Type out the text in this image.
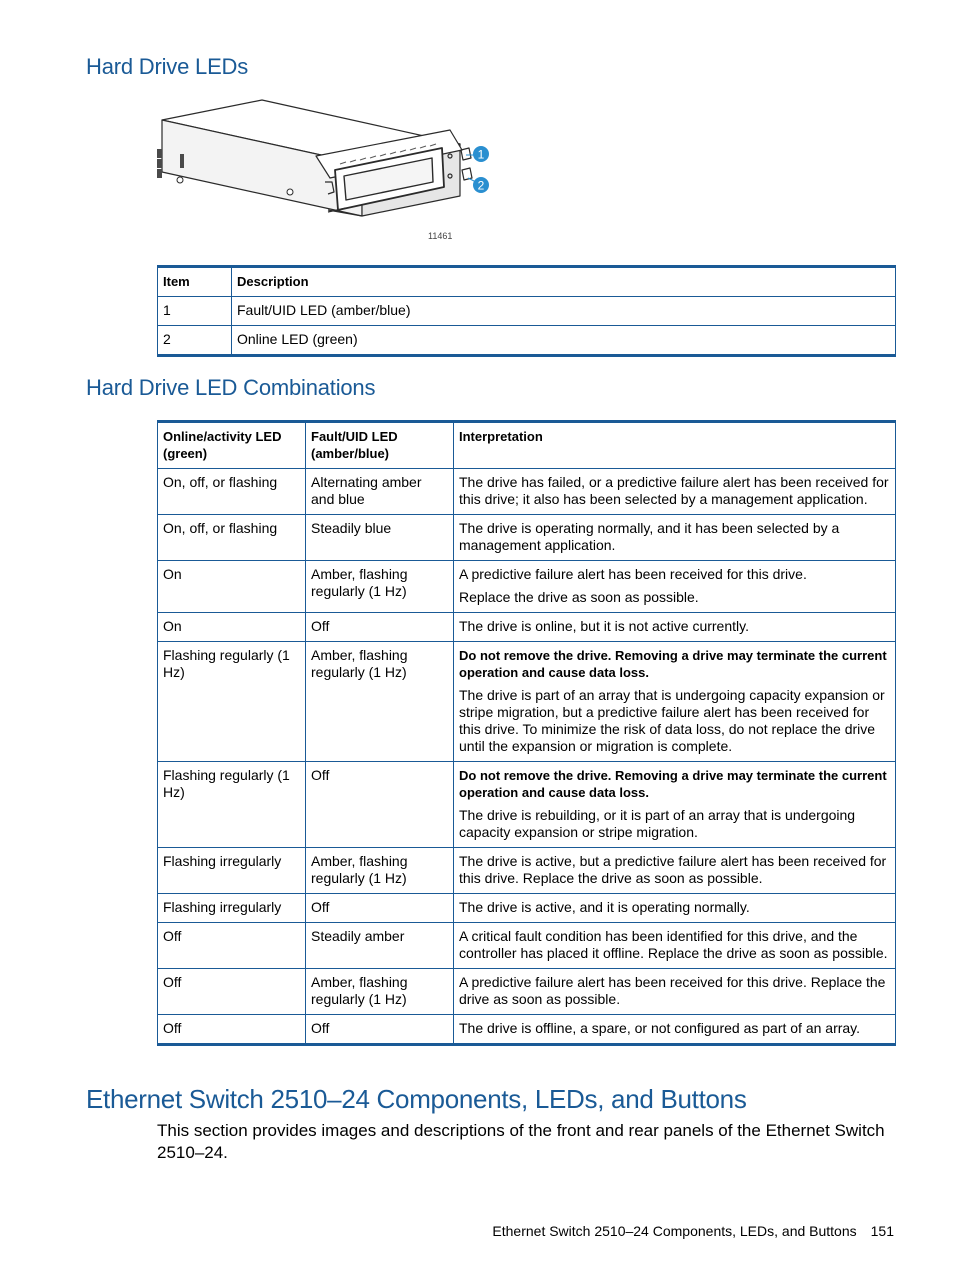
Hard Drive LEDs
1
2
11461
Item	Description
1	Fault/UID LED (amber/blue)
2	Online LED (green)
Hard Drive LED Combinations
Online/activity LED (green)	Fault/UID LED (amber/blue)	Interpretation
On, off, or flashing	Alternating amber and blue	The drive has failed, or a predictive failure alert has been received for this drive; it also has been selected by a management application.

On, off, or flashing	Steadily blue	The drive is operating normally, and it has been selected by a management application.

On	Amber, flashing regularly (1 Hz)	A predictive failure alert has been received for this drive.
Replace the drive as soon as possible.

On	Off	The drive is online, but it is not active currently.

Flashing regularly (1 Hz)	Amber, flashing regularly (1 Hz)	Do not remove the drive. Removing a drive may terminate the current operation and cause data loss.
The drive is part of an array that is undergoing capacity expansion or stripe migration, but a predictive failure alert has been received for this drive. To minimize the risk of data loss, do not replace the drive until the expansion or migration is complete.

Flashing regularly (1 Hz)	Off	Do not remove the drive. Removing a drive may terminate the current operation and cause data loss.
The drive is rebuilding, or it is part of an array that is undergoing capacity expansion or stripe migration.

Flashing irregularly	Amber, flashing regularly (1 Hz)	The drive is active, but a predictive failure alert has been received for this drive. Replace the drive as soon as possible.

Flashing irregularly	Off	The drive is active, and it is operating normally.

Off	Steadily amber	A critical fault condition has been identified for this drive, and the controller has placed it offline. Replace the drive as soon as possible.

Off	Amber, flashing regularly (1 Hz)	A predictive failure alert has been received for this drive. Replace the drive as soon as possible.

Off	Off	The drive is offline, a spare, or not configured as part of an array.
Ethernet Switch 2510–24 Components, LEDs, and Buttons

This section provides images and descriptions of the front and rear panels of the Ethernet Switch 2510–24.

Ethernet Switch 2510–24 Components, LEDs, and Buttons 151
